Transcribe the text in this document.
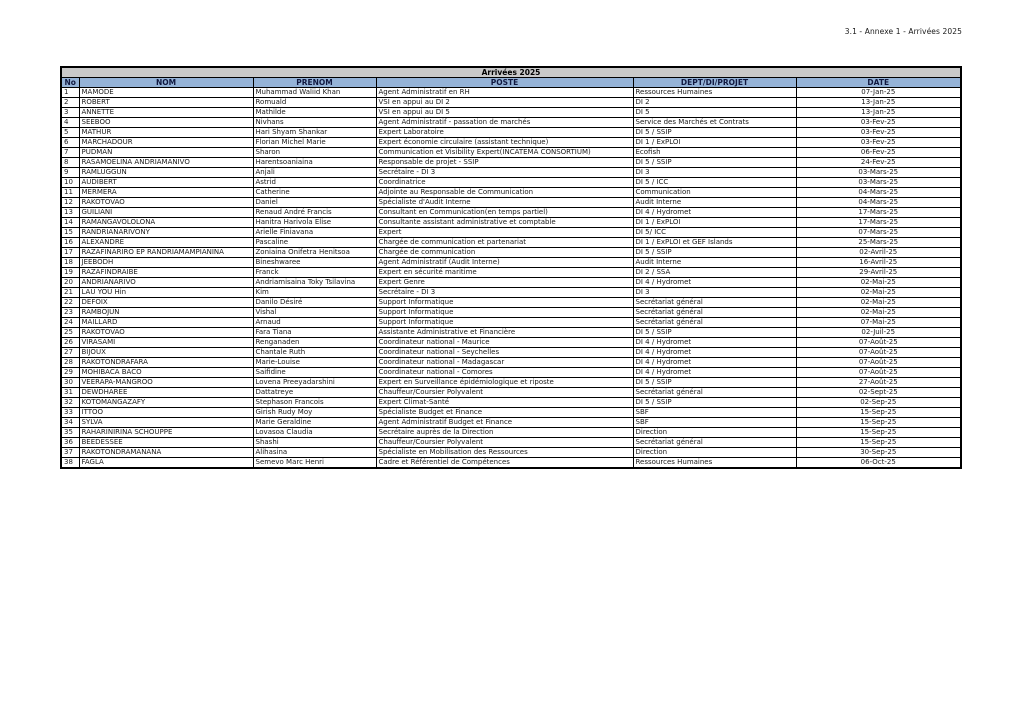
3.1 - Annexe 1 - Arrivées 2025
Arrivées 2025					
No	NOM	PRENOM	POSTE	DEPT/DI/PROJET	DATE
1	MAMODE	Muhammad Waliid Khan	Agent Administratif en RH	Ressources Humaines	07-Jan-25
2	ROBERT	Romuald	VSI en appui au DI 2	DI 2	13-Jan-25
3	ANNETTE	Mathilde	VSI en appui au DI 5	DI 5	13-Jan-25
4	SEEBOO	Nivhans	Agent Administratif - passation de marchés	Service des Marchés et Contrats	03-Fev-25
5	MATHUR	Hari Shyam Shankar	Expert Laboratoire	DI 5 / SSIP	03-Fev-25
6	MARCHADOUR	Florian Michel Marie	Expert économie circulaire (assistant technique)	DI 1 / ExPLOI	03-Fev-25
7	PUDMAN	Sharon	Communication et Visibility Expert(INCATEMA CONSORTIUM)	Ecofish	06-Fev-25
8	RASAMOELINA ANDRIAMANIVO	Harentsoaniaina	Responsable de projet - SSIP	DI 5 / SSIP	24-Fev-25
9	RAMLUGGUN	Anjali	Secrétaire - DI 3	DI 3	03-Mars-25
10	AUDIBERT	Astrid	Coordinatrice	DI 5 / ICC	03-Mars-25
11	MERMERA	Catherine	Adjointe au Responsable de Communication	Communication	04-Mars-25
12	RAKOTOVAO	Daniel	Spécialiste d'Audit Interne	Audit Interne	04-Mars-25
13	GUILIANI	Renaud André Francis	Consultant en Communication(en temps partiel)	DI 4 / Hydromet	17-Mars-25
14	RAMANGAVOLOLONA	Hanitra Harivola Elise	Consultante assistant administrative et comptable	DI 1 / ExPLOI	17-Mars-25
15	RANDRIANARIVONY	Arielle Finiavana	Expert	DI 5/ ICC	07-Mars-25
16	ALEXANDRE	Pascaline	Chargée de communication et partenariat	DI 1 / ExPLOI et GEF Islands	25-Mars-25
17	RAZAFINARIRO EP RANDRIAMAMPIANINA	Zoniaina Onifetra Henitsoa	Chargée de communication	DI 5 / SSIP	02-Avril-25
18	JEEBODH	Bineshwaree	Agent Administratif (Audit Interne)	Audit Interne	16-Avril-25
19	RAZAFINDRAIBE	Franck	Expert en sécurité maritime	DI 2 / SSA	29-Avril-25
20	ANDRIANARIVO	Andriamisaina Toky Tsilavina	Expert Genre	DI 4 / Hydromet	02-Mai-25
21	LAU YOU Hin	Kim	Secrétaire - DI 3	DI 3	02-Mai-25
22	DEFOIX	Danilo Désiré	Support Informatique	Secrétariat général	02-Mai-25
23	RAMBOJUN	Vishal	Support Informatique	Secrétariat général	02-Mai-25
24	MAILLARD	Arnaud	Support Informatique	Secrétariat général	07-Mai-25
25	RAKOTOVAO	Fara Tiana	Assistante Administrative et Financière	DI 5 / SSIP	02-Juil-25
26	VIRASAMI	Renganaden	Coordinateur national - Maurice	DI 4 / Hydromet	07-Août-25
27	BIJOUX	Chantale Ruth	Coordinateur national - Seychelles	DI 4 / Hydromet	07-Août-25
28	RAKOTONDRAFARA	Marie-Louise	Coordinateur national - Madagascar	DI 4 / Hydromet	07-Août-25
29	MOHIBACA BACO	Saifidine	Coordinateur national - Comores	DI 4 / Hydromet	07-Août-25
30	VEERAPA-MANGROO	Lovena Preeyadarshini	Expert en Surveillance épidémiologique et riposte	DI 5 / SSIP	27-Août-25
31	DEWDHAREE	Dattatreye	Chauffeur/Coursier Polyvalent	Secrétariat général	02-Sept-25
32	KOTOMANGAZAFY	Stephason Francois	Expert Climat-Santé	DI 5 / SSIP	02-Sep-25
33	ITTOO	Girish Rudy Moy	Spécialiste Budget et Finance	SBF	15-Sep-25
34	SYLVA	Marie Geraldine	Agent Administratif Budget et Finance	SBF	15-Sep-25
35	RAHARINIRINA SCHOUPPE	Lovasoa Claudia	Secrétaire auprès de la Direction	Direction	15-Sep-25
36	BEEDESSEE	Shashi	Chauffeur/Coursier Polyvalent	Secrétariat général	15-Sep-25
37	RAKOTONDRAMANANA	Alihasina	Spécialiste en Mobilisation des Ressources	Direction	30-Sep-25
38	FAGLA	Semevo Marc Henri	Cadre et Référentiel de Compétences	Ressources Humaines	06-Oct-25
